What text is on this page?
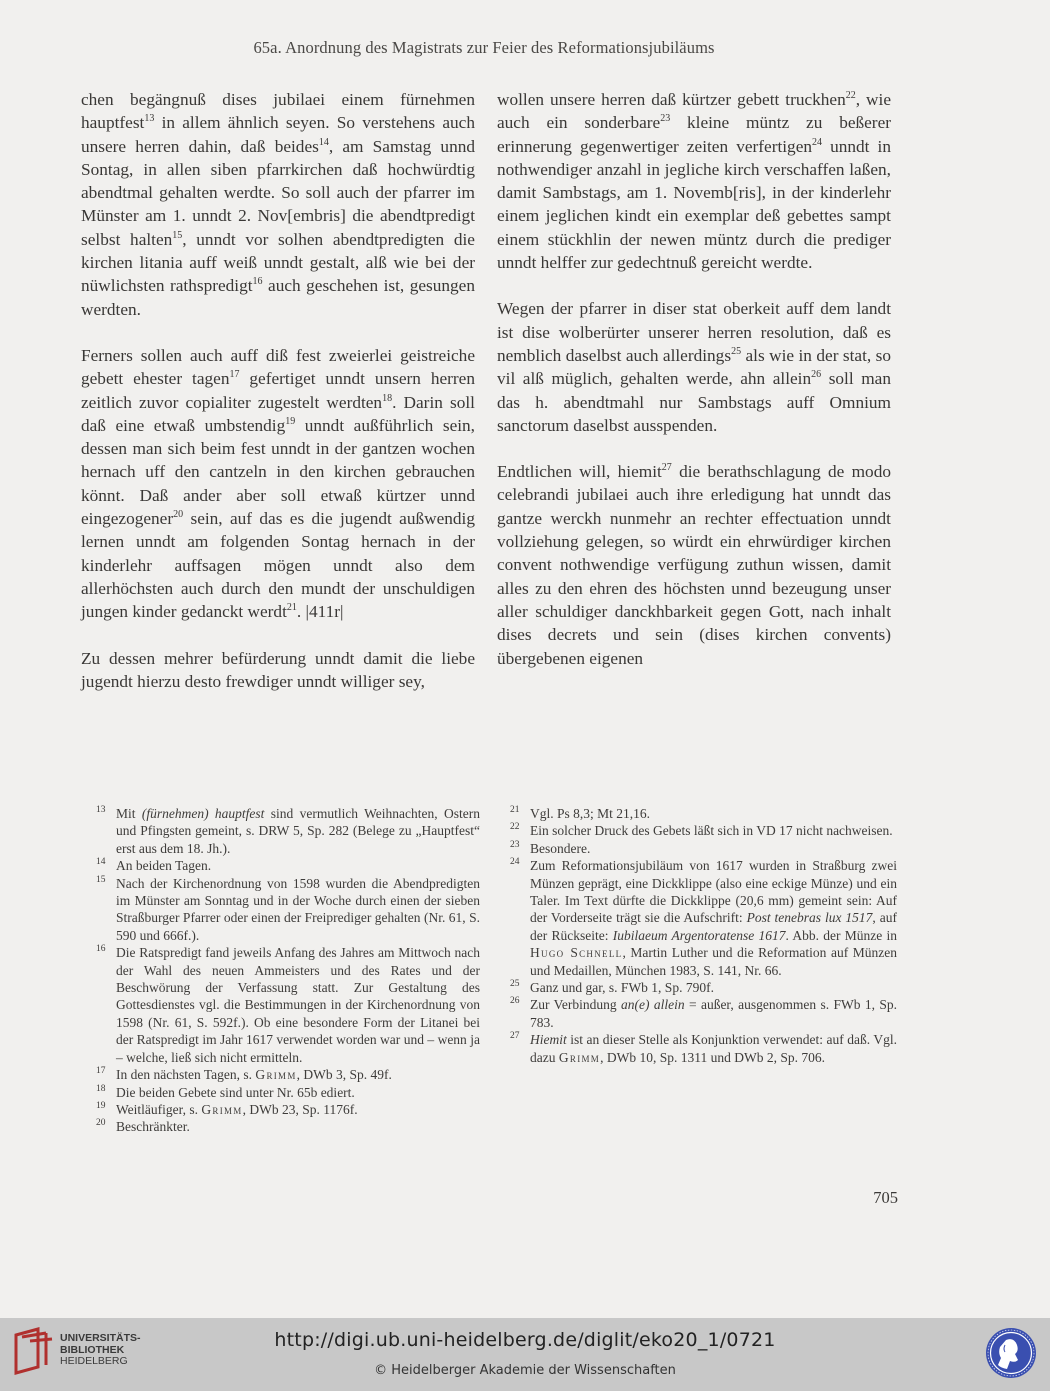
65a. Anordnung des Magistrats zur Feier des Reformationsjubiläums

chen begängnuß dises jubilaei einem fürnehmen hauptfest$^{13}$ in allem ähnlich seyen. So verstehens auch unsere herren dahin, daß beides$^{14}$, am Samstag unnd Sontag, in allen siben pfarrkirchen daß hochwürdtig abendtmal gehalten werdte. So soll auch der pfarrer im Münster am 1. unndt 2. Nov[embris] die abendtpredigt selbst halten$^{15}$, unndt vor solhen abendtpredigten die kirchen litania auff weiß unndt gestalt, alß wie bei der nüwlichsten rathspredigt$^{16}$ auch geschehen ist, gesungen werdten.

Ferners sollen auch auff diß fest zweierlei geistreiche gebett ehester tagen$^{17}$ gefertiget unndt unsern herren zeitlich zuvor copialiter zugestelt werdten$^{18}$. Darin soll daß eine etwaß umbstendig$^{19}$ unndt außführlich sein, dessen man sich beim fest unndt in der gantzen wochen hernach uff den cantzeln in den kirchen gebrauchen könnt. Daß ander aber soll etwaß kürtzer unnd eingezogener$^{20}$ sein, auf das es die jugendt außwendig lernen unndt am folgenden Sontag hernach in der kinderlehr auffsagen mögen unndt also dem allerhöchsten auch durch den mundt der unschuldigen jungen kinder gedanckt werdt$^{21}$. |411r|

Zu dessen mehrer befürderung unndt damit die liebe jugendt hierzu desto frewdiger unndt williger sey,

wollen unsere herren daß kürtzer gebett truckhen$^{22}$, wie auch ein sonderbare$^{23}$ kleine müntz zu beßerer erinnerung gegenwertiger zeiten verfertigen$^{24}$ unndt in nothwendiger anzahl in jegliche kirch verschaffen laßen, damit Sambstags, am 1. Novemb[ris], in der kinderlehr einem jeglichen kindt ein exemplar deß gebettes sampt einem stückhlin der newen müntz durch die prediger unndt helffer zur gedechtnuß gereicht werdte.

Wegen der pfarrer in diser stat oberkeit auff dem landt ist dise wolberürter unserer herren resolution, daß es nemblich daselbst auch allerdings$^{25}$ als wie in der stat, so vil alß müglich, gehalten werde, ahn allein$^{26}$ soll man das h. abendtmahl nur Sambstags auff Omnium sanctorum daselbst ausspenden.

Endtlichen will, hiemit$^{27}$ die berathschlagung de modo celebrandi jubilaei auch ihre erledigung hat unndt das gantze werckh nunmehr an rechter effectuation unndt vollziehung gelegen, so würdt ein ehrwürdiger kirchen convent nothwendige verfügung zuthun wissen, damit alles zu den ehren des höchsten unnd bezeugung unser aller schuldiger danckhbarkeit gegen Gott, nach inhalt dises decrets und sein (dises kirchen convents) übergebenen eigenen

13 Mit (fürnehmen) hauptfest sind vermutlich Weihnachten, Ostern und Pfingsten gemeint, s. DRW 5, Sp. 282 (Belege zu „Hauptfest“ erst aus dem 18. Jh.).
14 An beiden Tagen.
15 Nach der Kirchenordnung von 1598 wurden die Abendpredigten im Münster am Sonntag und in der Woche durch einen der sieben Straßburger Pfarrer oder einen der Freiprediger gehalten (Nr. 61, S. 590 und 666f.).
16 Die Ratspredigt fand jeweils Anfang des Jahres am Mittwoch nach der Wahl des neuen Ammeisters und des Rates und der Beschwörung der Verfassung statt. Zur Gestaltung des Gottesdienstes vgl. die Bestimmungen in der Kirchenordnung von 1598 (Nr. 61, S. 592f.). Ob eine besondere Form der Litanei bei der Ratspredigt im Jahr 1617 verwendet worden war und – wenn ja – welche, ließ sich nicht ermitteln.
17 In den nächsten Tagen, s. Grimm, DWb 3, Sp. 49f.
18 Die beiden Gebete sind unter Nr. 65b ediert.
19 Weitläufiger, s. Grimm, DWb 23, Sp. 1176f.
20 Beschränkter.
21 Vgl. Ps 8,3; Mt 21,16.
22 Ein solcher Druck des Gebets läßt sich in VD 17 nicht nachweisen.
23 Besondere.
24 Zum Reformationsjubiläum von 1617 wurden in Straßburg zwei Münzen geprägt, eine Dickklippe (also eine eckige Münze) und ein Taler. Im Text dürfte die Dickklippe (20,6 mm) gemeint sein: Auf der Vorderseite trägt sie die Aufschrift: Post tenebras lux 1517, auf der Rückseite: Iubilaeum Argentoratense 1617. Abb. der Münze in Hugo Schnell, Martin Luther und die Reformation auf Münzen und Medaillen, München 1983, S. 141, Nr. 66.
25 Ganz und gar, s. FWb 1, Sp. 790f.
26 Zur Verbindung an(e) allein = außer, ausgenommen s. FWb 1, Sp. 783.
27 Hiemit ist an dieser Stelle als Konjunktion verwendet: auf daß. Vgl. dazu Grimm, DWb 10, Sp. 1311 und DWb 2, Sp. 706.
705
UNIVERSITÄTS-
BIBLIOTHEK
HEIDELBERG
http://digi.ub.uni-heidelberg.de/diglit/eko20_1/0721
© Heidelberger Akademie der Wissenschaften
